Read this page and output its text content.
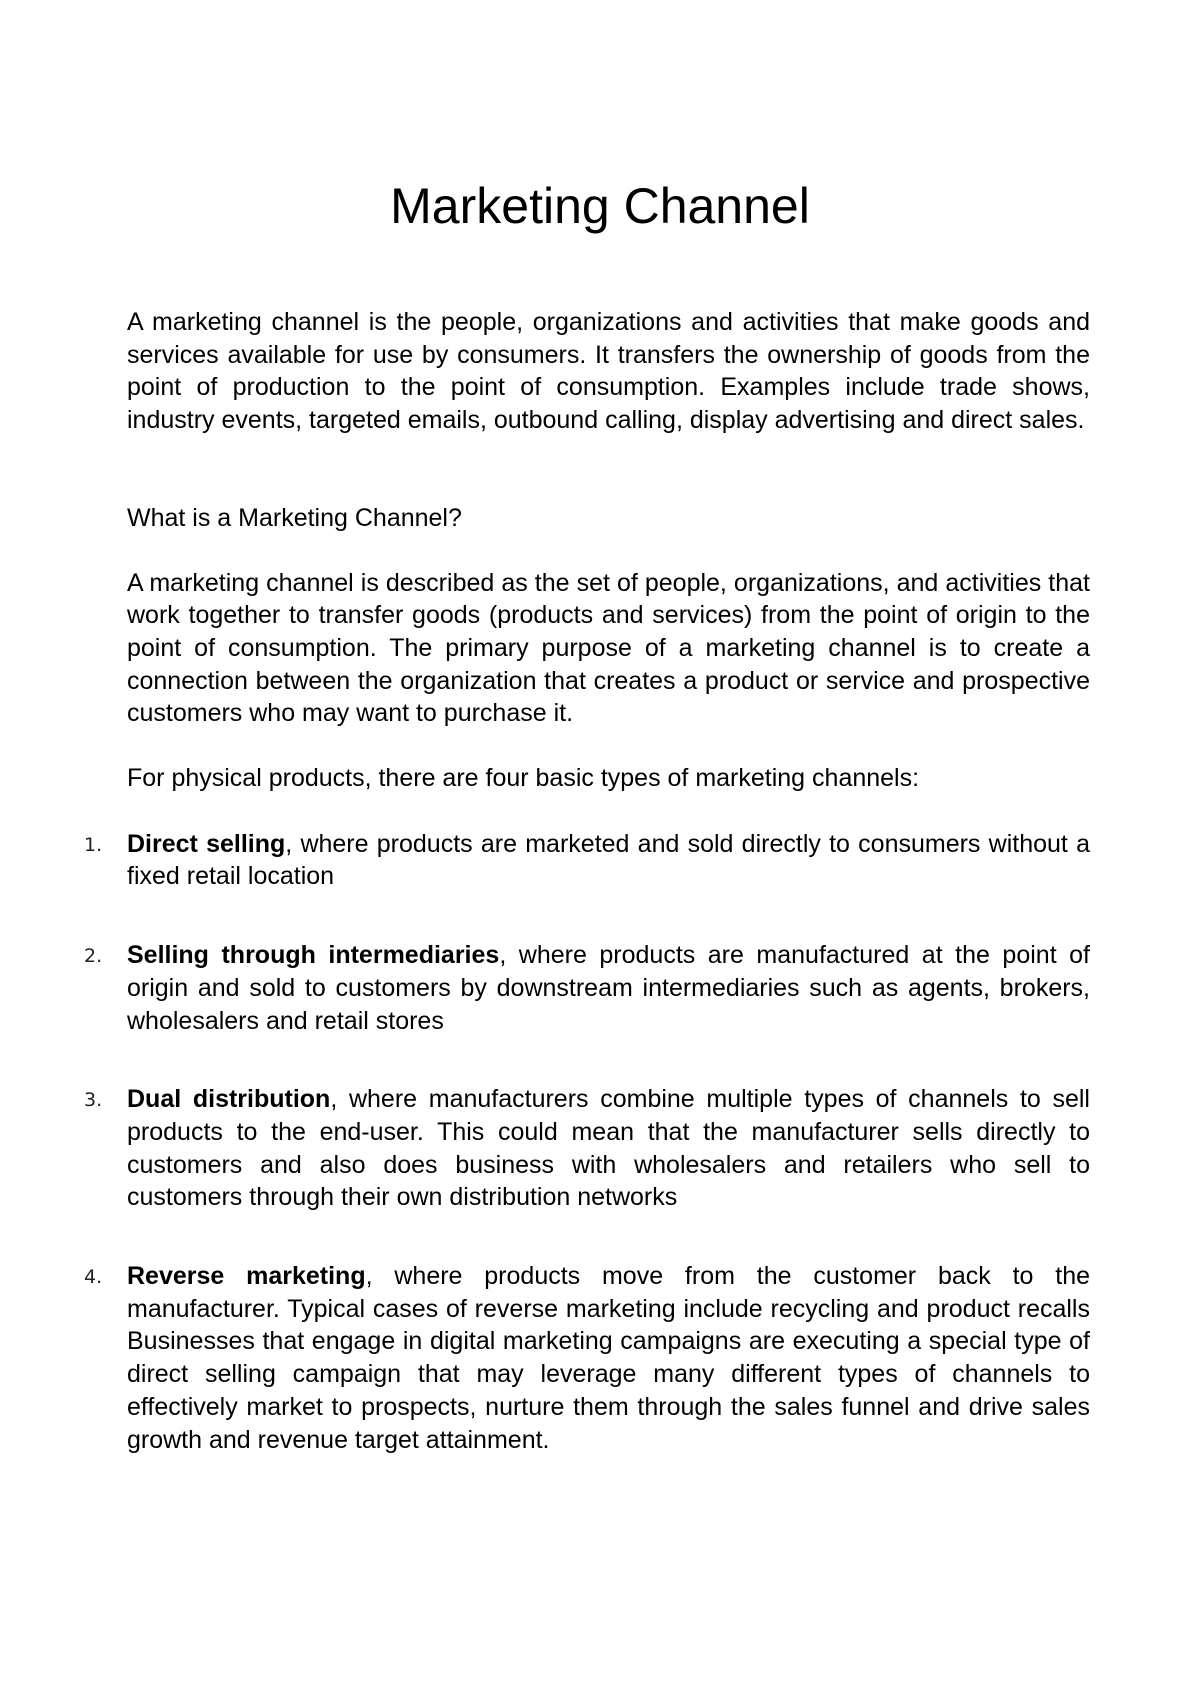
Marketing Channel

A marketing channel is the people, organizations and activities that make goods and services available for use by consumers. It transfers the ownership of goods from the point of production to the point of consumption. Examples include trade shows, industry events, targeted emails, outbound calling, display advertising and direct sales.

What is a Marketing Channel?

A marketing channel is described as the set of people, organizations, and activities that work together to transfer goods (products and services) from the point of origin to the point of consumption. The primary purpose of a marketing channel is to create a connection between the organization that creates a product or service and prospective customers who may want to purchase it.

For physical products, there are four basic types of marketing channels:

1. Direct selling, where products are marketed and sold directly to consumers without a fixed retail location
2. Selling through intermediaries, where products are manufactured at the point of origin and sold to customers by downstream intermediaries such as agents, brokers, wholesalers and retail stores
3. Dual distribution, where manufacturers combine multiple types of channels to sell products to the end-user. This could mean that the manufacturer sells directly to customers and also does business with wholesalers and retailers who sell to customers through their own distribution networks
4. Reverse marketing, where products move from the customer back to the manufacturer. Typical cases of reverse marketing include recycling and product recalls Businesses that engage in digital marketing campaigns are executing a special type of direct selling campaign that may leverage many different types of channels to effectively market to prospects, nurture them through the sales funnel and drive sales growth and revenue target attainment.
